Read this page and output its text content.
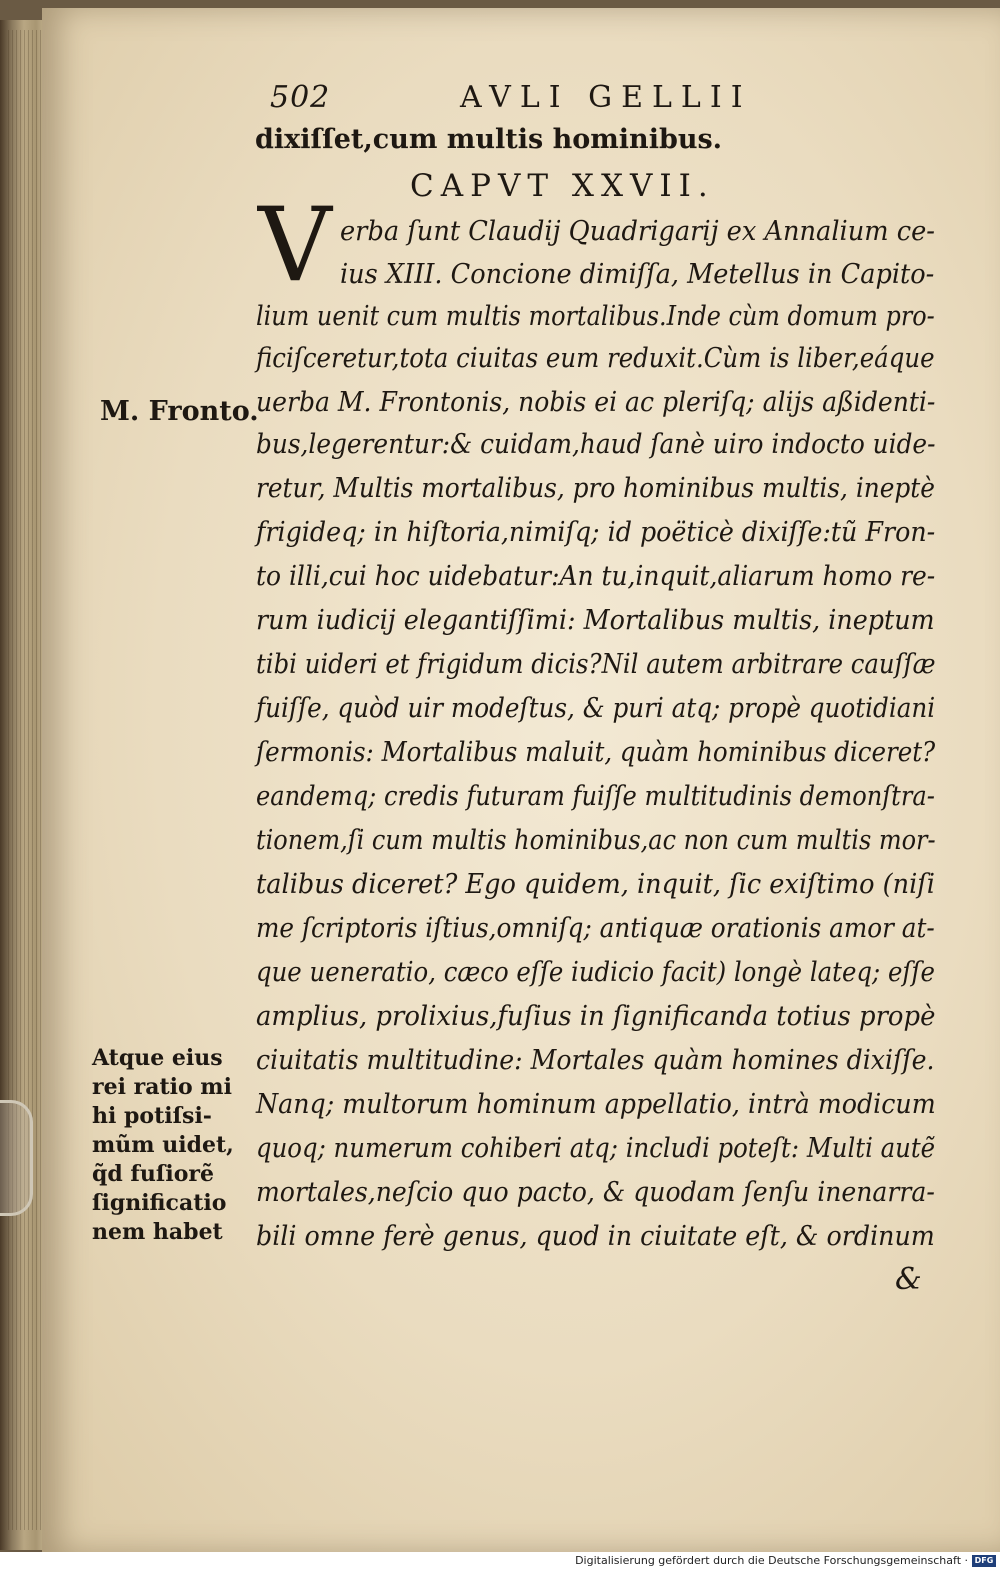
502	AVLI GELLII
dixiſſet,cum multis hominibus.
CAPVT XXVII.
V
M. Fronto.
erba ſunt Claudij Quadrigarij ex Annalium ce-
ius XIII. Concione dimiſſa, Metellus in Capito-
lium uenit cum multis mortalibus.Inde cùm domum pro-
ficiſceretur,tota ciuitas eum reduxit.Cùm is liber,eáque
uerba M. Frontonis, nobis ei ac pleriſq; alijs aßidenti-
bus,legerentur:& cuidam,haud ſanè uiro indocto uide-
retur, Multis mortalibus, pro hominibus multis, ineptè
frigideq; in hiſtoria,nimiſq; id poëticè dixiſſe:tũ Fron-
to illi,cui hoc uidebatur:An tu,inquit,aliarum homo re-
rum iudicij elegantiſſimi: Mortalibus multis, ineptum
tibi uideri et frigidum dicis?Nil autem arbitrare cauſſæ
fuiſſe, quòd uir modeſtus, & puri atq; propè quotidiani
ſermonis: Mortalibus maluit, quàm hominibus diceret?
eandemq; credis futuram fuiſſe multitudinis demonſtra-
tionem,ſi cum multis hominibus,ac non cum multis mor-
talibus diceret? Ego quidem, inquit, ſic exiſtimo (niſi
me ſcriptoris iſtius,omniſq; antiquæ orationis amor at-
que ueneratio, cæco eſſe iudicio facit) longè lateq; eſſe
amplius, prolixius,fuſius in ſignificanda totius propè
ciuitatis multitudine: Mortales quàm homines dixiſſe.
Nanq; multorum hominum appellatio, intrà modicum
quoq; numerum cohiberi atq; includi poteſt: Multi autẽ
mortales,neſcio quo pacto, & quodam ſenſu inenarra-
bili omne ferè genus, quod in ciuitate eſt, & ordinum
Atque eius
rei ratio mi
hi potiſsi-
mũm uidet,
q̃d fuſiorẽ
ſignificatio
nem habet
&
Digitalisierung gefördert durch die Deutsche Forschungsgemeinschaft · DFG
